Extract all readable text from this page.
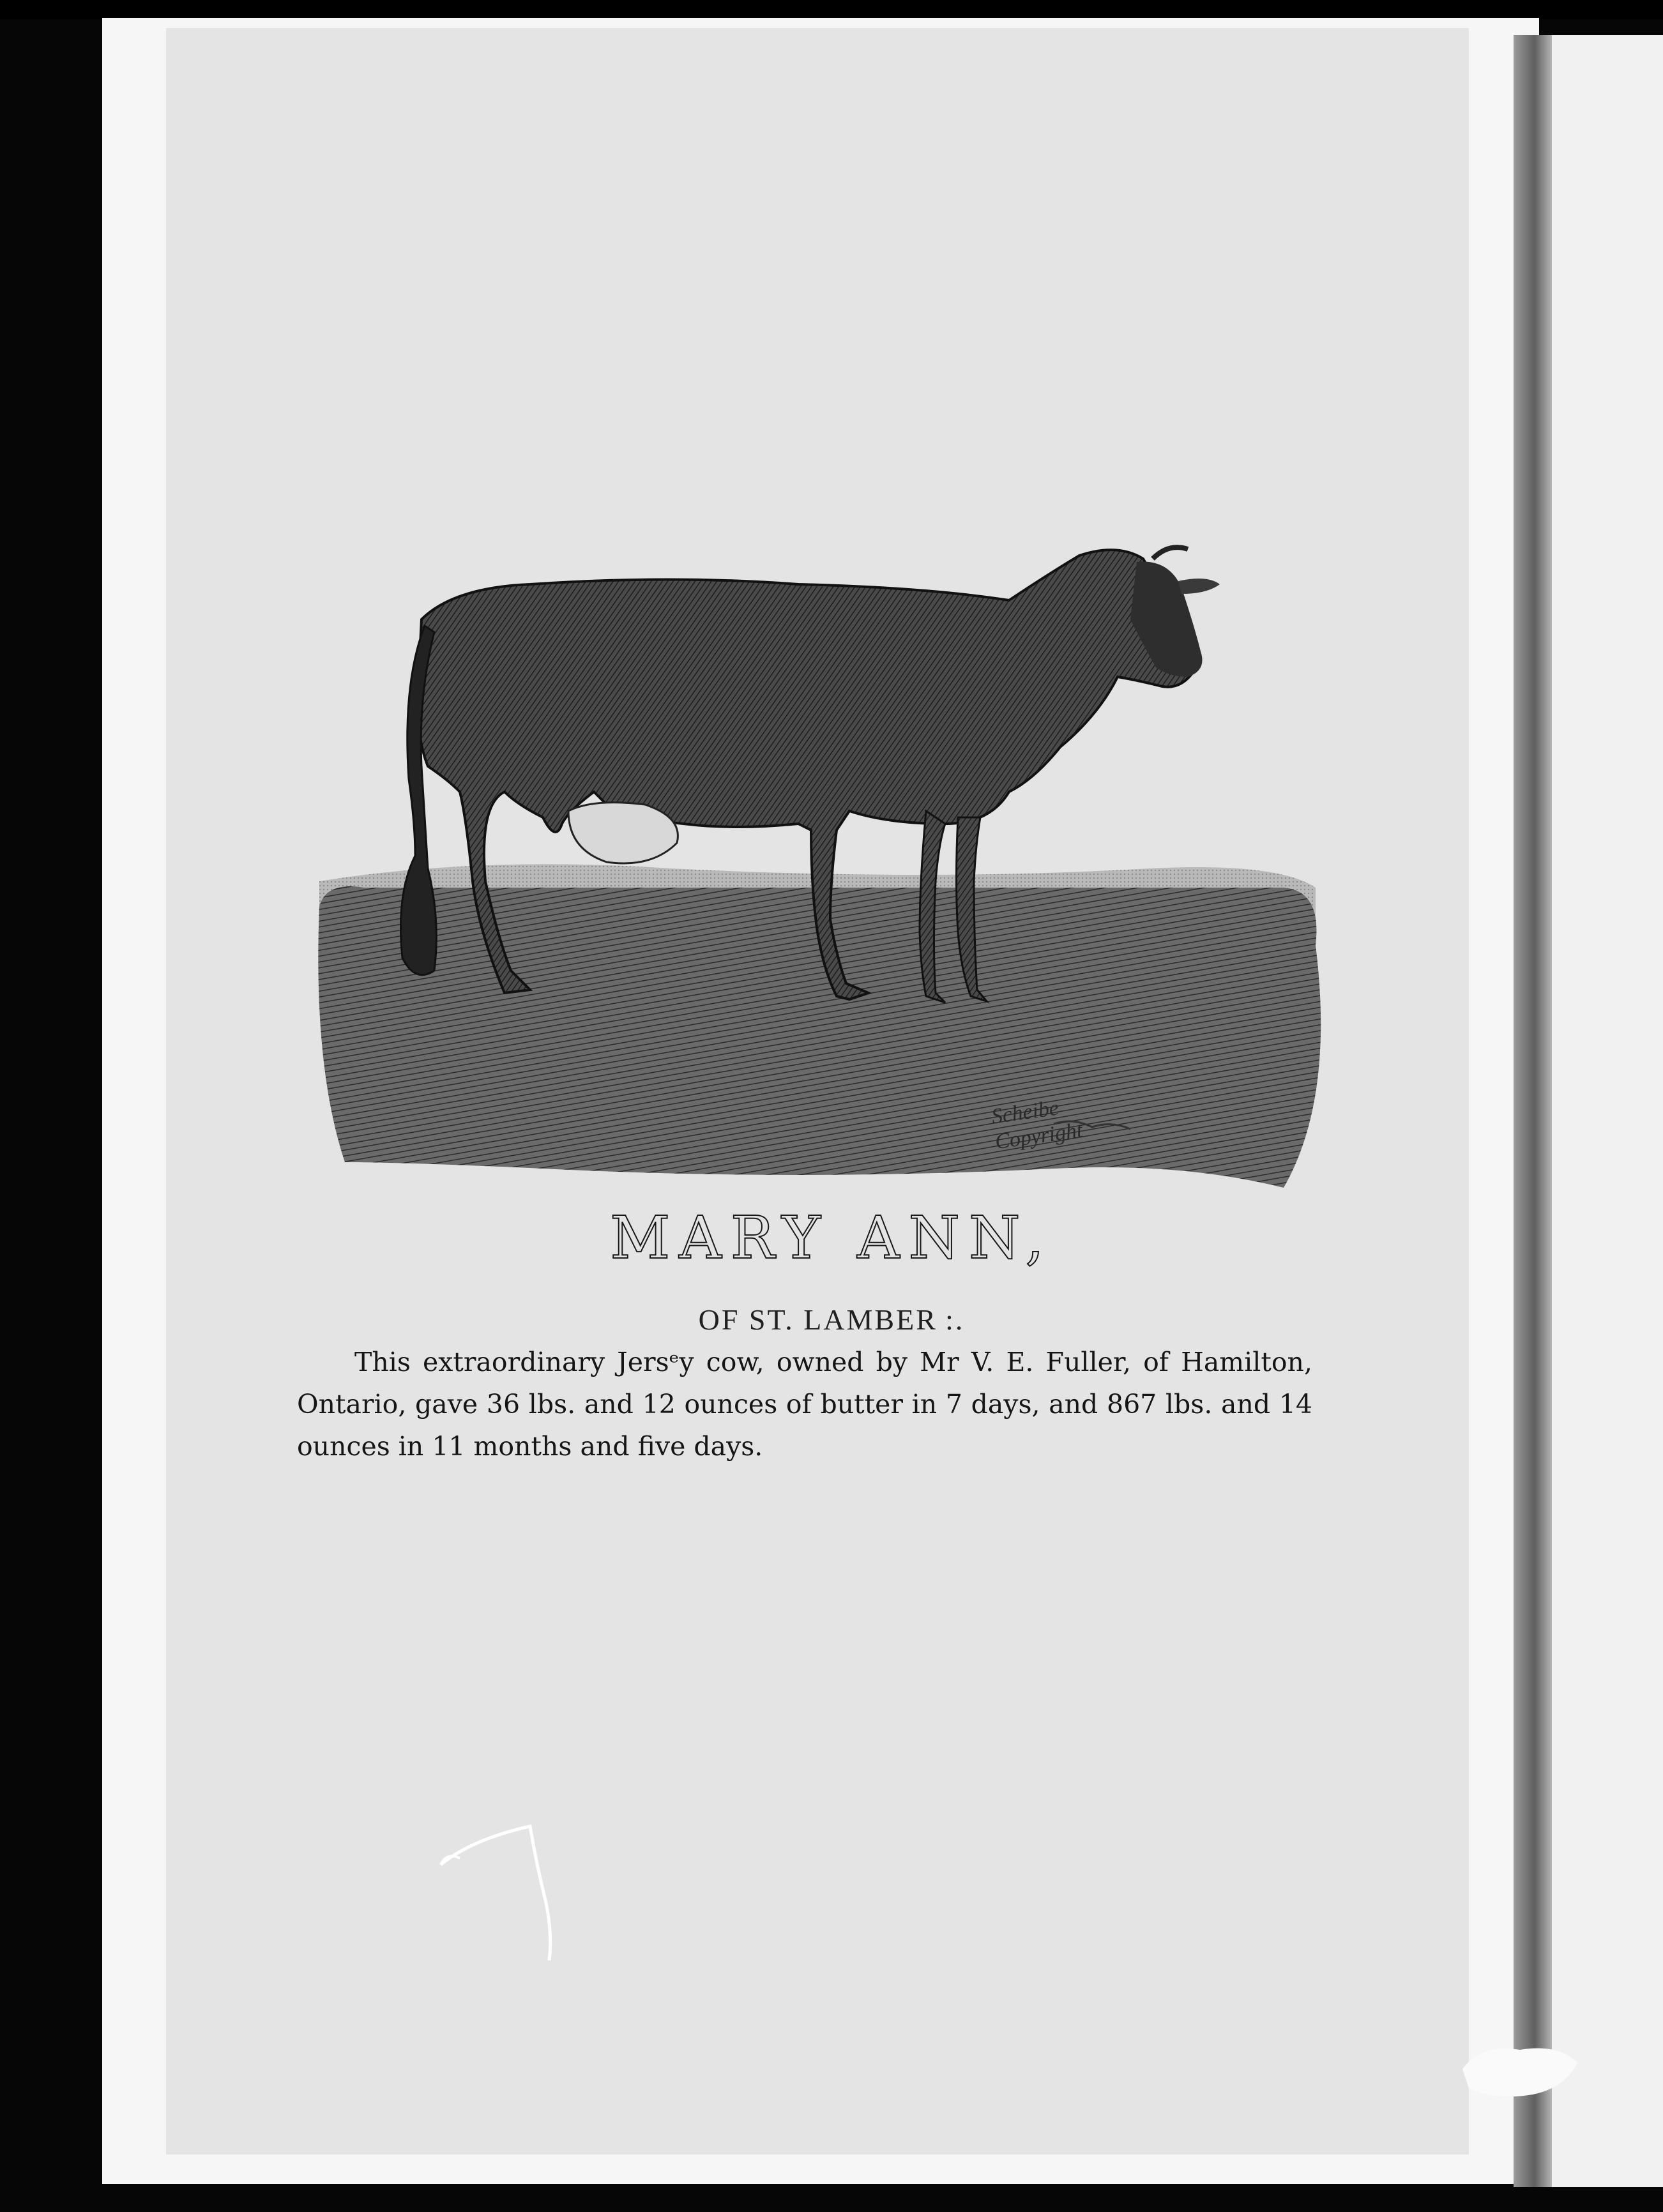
Scheibe
Copyright
MARY ANN,
OF ST. LAMBER :.

This extraordinary Jersᵉy cow, owned by Mr V. E. Fuller, of Hamilton, Ontario, gave 36 lbs. and 12 ounces of butter in 7 days, and 867 lbs. and 14 ounces in 11 months and five days.
